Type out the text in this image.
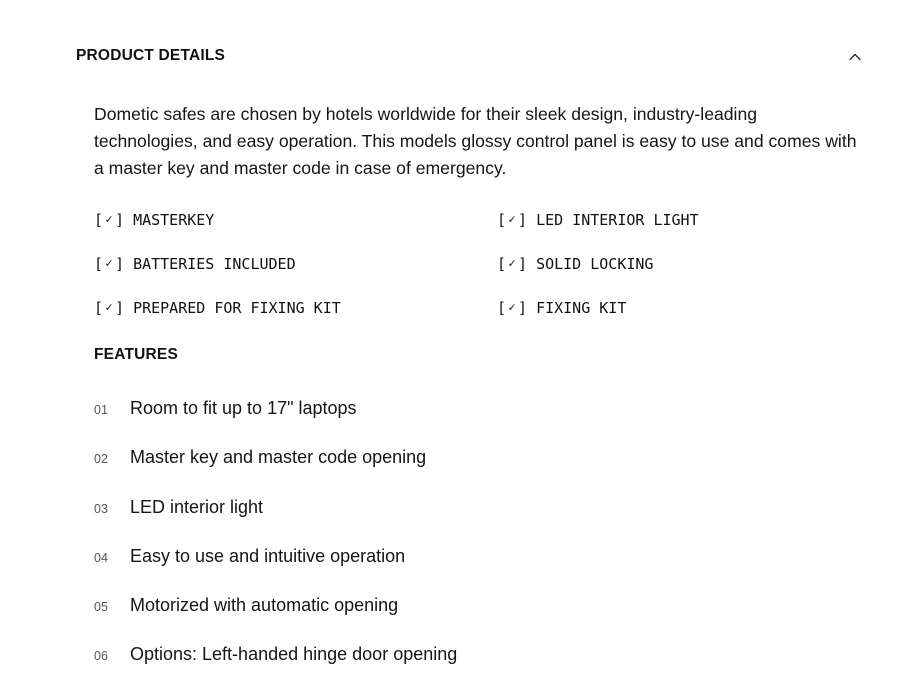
PRODUCT DETAILS

Dometic safes are chosen by hotels worldwide for their sleek design, industry-leading technologies, and easy operation. This models glossy control panel is easy to use and comes with a master key and master code in case of emergency.

[ ✓ ] MASTERKEY	[ ✓ ] LED INTERIOR LIGHT
[ ✓ ] BATTERIES INCLUDED	[ ✓ ] SOLID LOCKING
[ ✓ ] PREPARED FOR FIXING KIT	[ ✓ ] FIXING KIT
FEATURES
01	Room to fit up to 17" laptops
02	Master key and master code opening
03	LED interior light
04	Easy to use and intuitive operation
05	Motorized with automatic opening
06	Options: Left-handed hinge door opening
